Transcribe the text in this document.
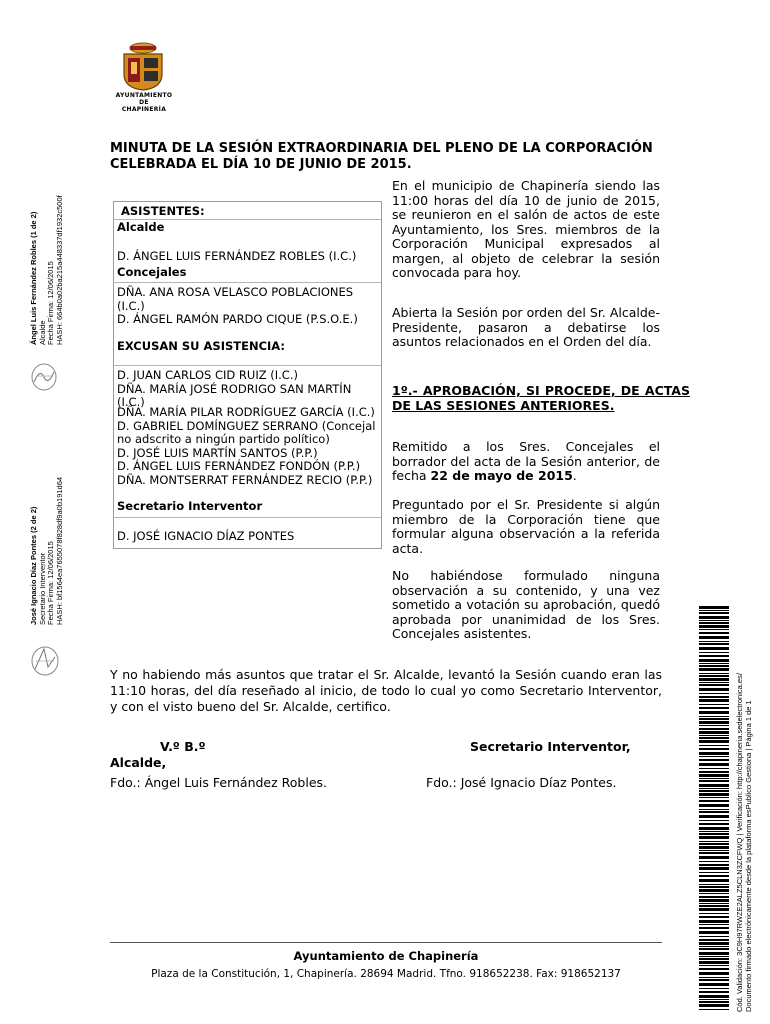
AYUNTAMIENTO
DE
CHAPINERÍA
Ángel Luis Fernández Robles (1 de 2) Alcalde Fecha Firma: 12/06/2015 HASH: 664b0a02ba215a448337df1932c500f
José Ignacio Díaz Pontes (2 de 2) Secretario Interventor Fecha Firma: 12/06/2015 HASH: bf1564ea7655078f828df9a0b191d64
MINUTA DE LA SESIÓN EXTRAORDINARIA DEL PLENO DE LA CORPORACIÓN CELEBRADA EL DÍA 10 DE JUNIO DE 2015.
ASISTENTES:
Alcalde
D. ÁNGEL LUIS FERNÁNDEZ ROBLES (I.C.)
Concejales
DÑA. ANA ROSA VELASCO POBLACIONES (I.C.)
D. ÁNGEL RAMÓN PARDO CIQUE (P.S.O.E.)
EXCUSAN SU ASISTENCIA:
D. JUAN CARLOS CID RUIZ (I.C.)
DÑA. MARÍA JOSÉ RODRIGO SAN MARTÍN (I.C.)
DÑA. MARÍA PILAR RODRÍGUEZ GARCÍA (I.C.)
D. GABRIEL DOMÍNGUEZ SERRANO (Concejal no adscrito a ningún partido político)
D. JOSÉ LUIS MARTÍN SANTOS (P.P.)
D. ÁNGEL LUIS FERNÁNDEZ FONDÓN (P.P.)
DÑA. MONTSERRAT FERNÁNDEZ RECIO (P.P.)
Secretario Interventor
D. JOSÉ IGNACIO DÍAZ PONTES
En el municipio de Chapinería siendo las 11:00 horas del día 10 de junio de 2015, se reunieron en el salón de actos de este Ayuntamiento, los Sres. miembros de la Corporación Municipal expresados al margen, al objeto de celebrar la sesión convocada para hoy.
Abierta la Sesión por orden del Sr. Alcalde-Presidente, pasaron a debatirse los asuntos relacionados en el Orden del día.
1º.- APROBACIÓN, SI PROCEDE, DE ACTAS DE LAS SESIONES ANTERIORES.
Remitido a los Sres. Concejales el borrador del acta de la Sesión anterior, de fecha 22 de mayo de 2015.
Preguntado por el Sr. Presidente si algún miembro de la Corporación tiene que formular alguna observación a la referida acta.
No habiéndose formulado ninguna observación a su contenido, y una vez sometido a votación su aprobación, quedó aprobada por unanimidad de los Sres. Concejales asistentes.
Y no habiendo más asuntos que tratar el Sr. Alcalde, levantó la Sesión cuando eran las 11:10 horas, del día reseñado al inicio, de todo lo cual yo como Secretario Interventor, y con el visto bueno del Sr. Alcalde, certifico.
V.º B.º
Alcalde,
Secretario Interventor,
Fdo.: Ángel Luis Fernández Robles.	Fdo.: José Ignacio Díaz Pontes.
Ayuntamiento de Chapinería
Plaza de la Constitución, 1, Chapinería. 28694 Madrid. Tfno. 918652238. Fax: 918652137	Cód. Validación: 3C9H97RWZE2ALZ5CLN3ZCFWQ | Verificación: http://chapineria.sedelectronica.es/ Documento firmado electrónicamente desde la plataforma esPublico Gestiona | Página 1 de 1
